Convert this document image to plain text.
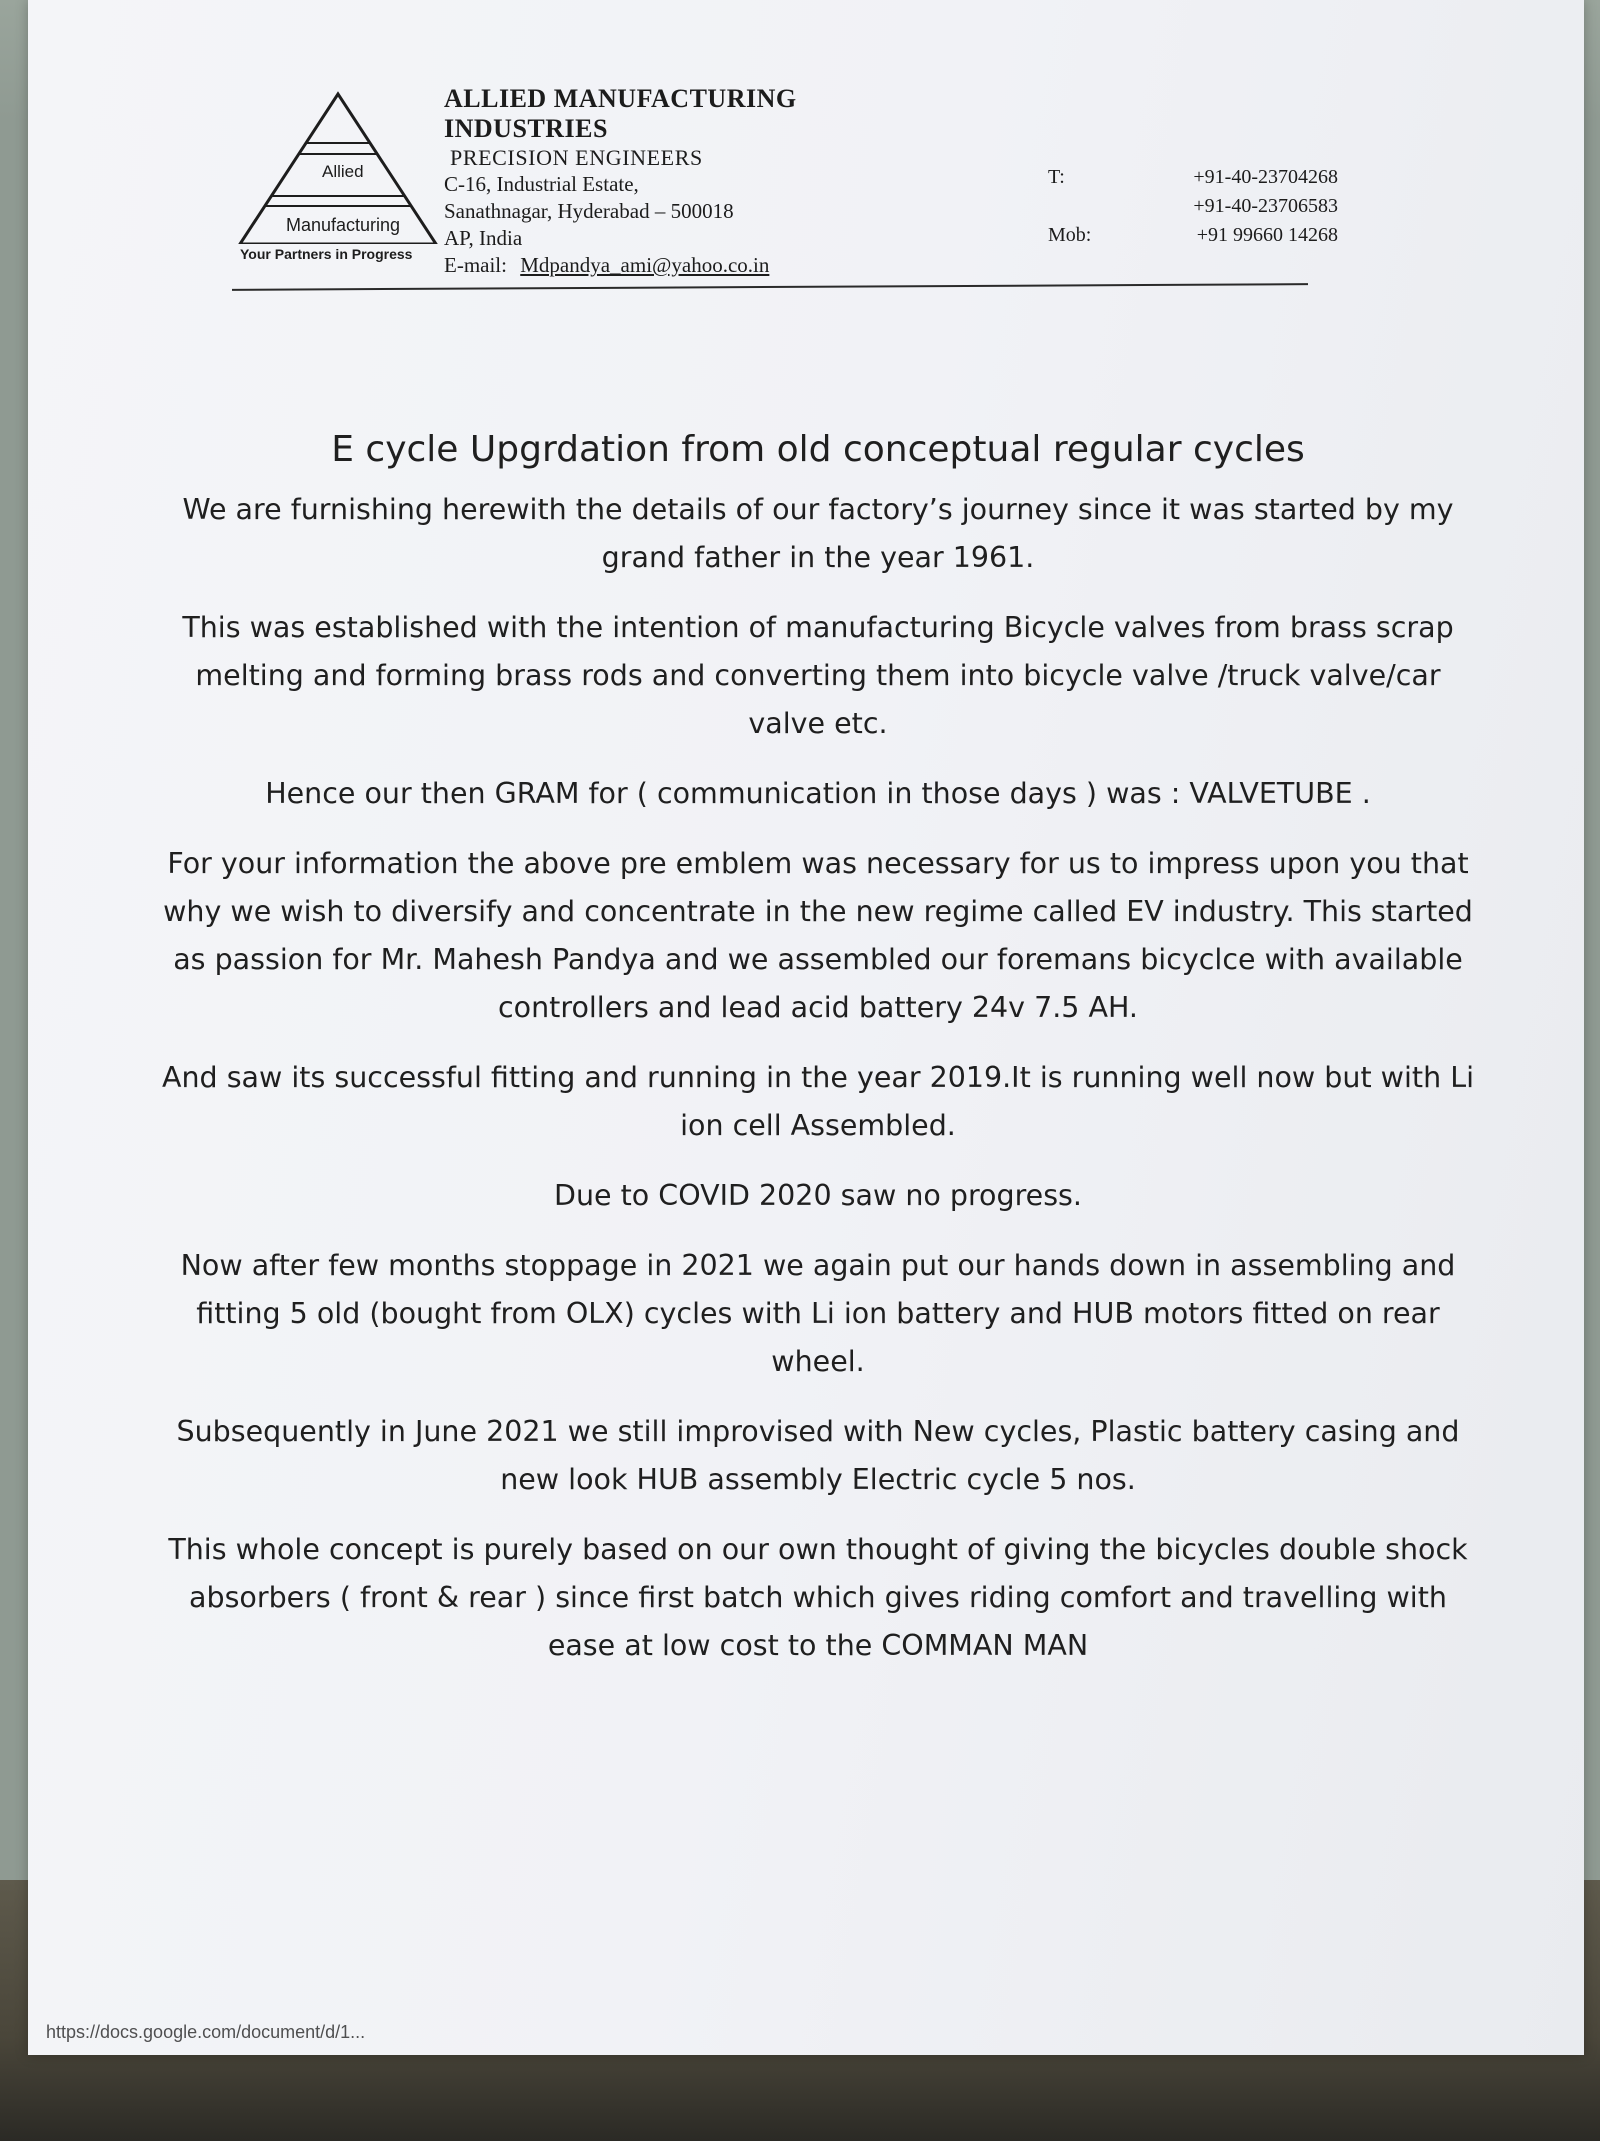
Allied
Manufacturing
Your Partners in Progress
ALLIED MANUFACTURING INDUSTRIES
PRECISION ENGINEERS
C-16, Industrial Estate,
Sanathnagar, Hyderabad – 500018
AP, India
E-mail: Mdpandya_ami@yahoo.co.in
T:	+91-40-23704268
+91-40-23706583
Mob:	+91 99660 14268
E cycle Upgrdation from old conceptual regular cycles

We are furnishing herewith the details of our factory’s journey since it was started by my grand father in the year 1961.

This was established with the intention of manufacturing Bicycle valves from brass scrap melting and forming brass rods and converting them into bicycle valve /truck valve/car valve etc.

Hence our then GRAM for ( communication in those days ) was : VALVETUBE .

For your information the above pre emblem was necessary for us to impress upon you that why we wish to diversify and concentrate in the new regime called EV industry. This started as passion for Mr. Mahesh Pandya and we assembled our foremans bicyclce with available controllers and lead acid battery 24v 7.5 AH.

And saw its successful fitting and running in the year 2019.It is running well now but with Li ion cell Assembled.

Due to COVID 2020 saw no progress.

Now after few months stoppage in 2021 we again put our hands down in assembling and fitting 5 old (bought from OLX) cycles with Li ion battery and HUB motors fitted on rear wheel.

Subsequently in June 2021 we still improvised with New cycles, Plastic battery casing and new look HUB assembly Electric cycle 5 nos.

This whole concept is purely based on our own thought of giving the bicycles double shock absorbers ( front & rear ) since first batch which gives riding comfort and travelling with ease at low cost to the COMMAN MAN

https://docs.google.com/document/d/1...
